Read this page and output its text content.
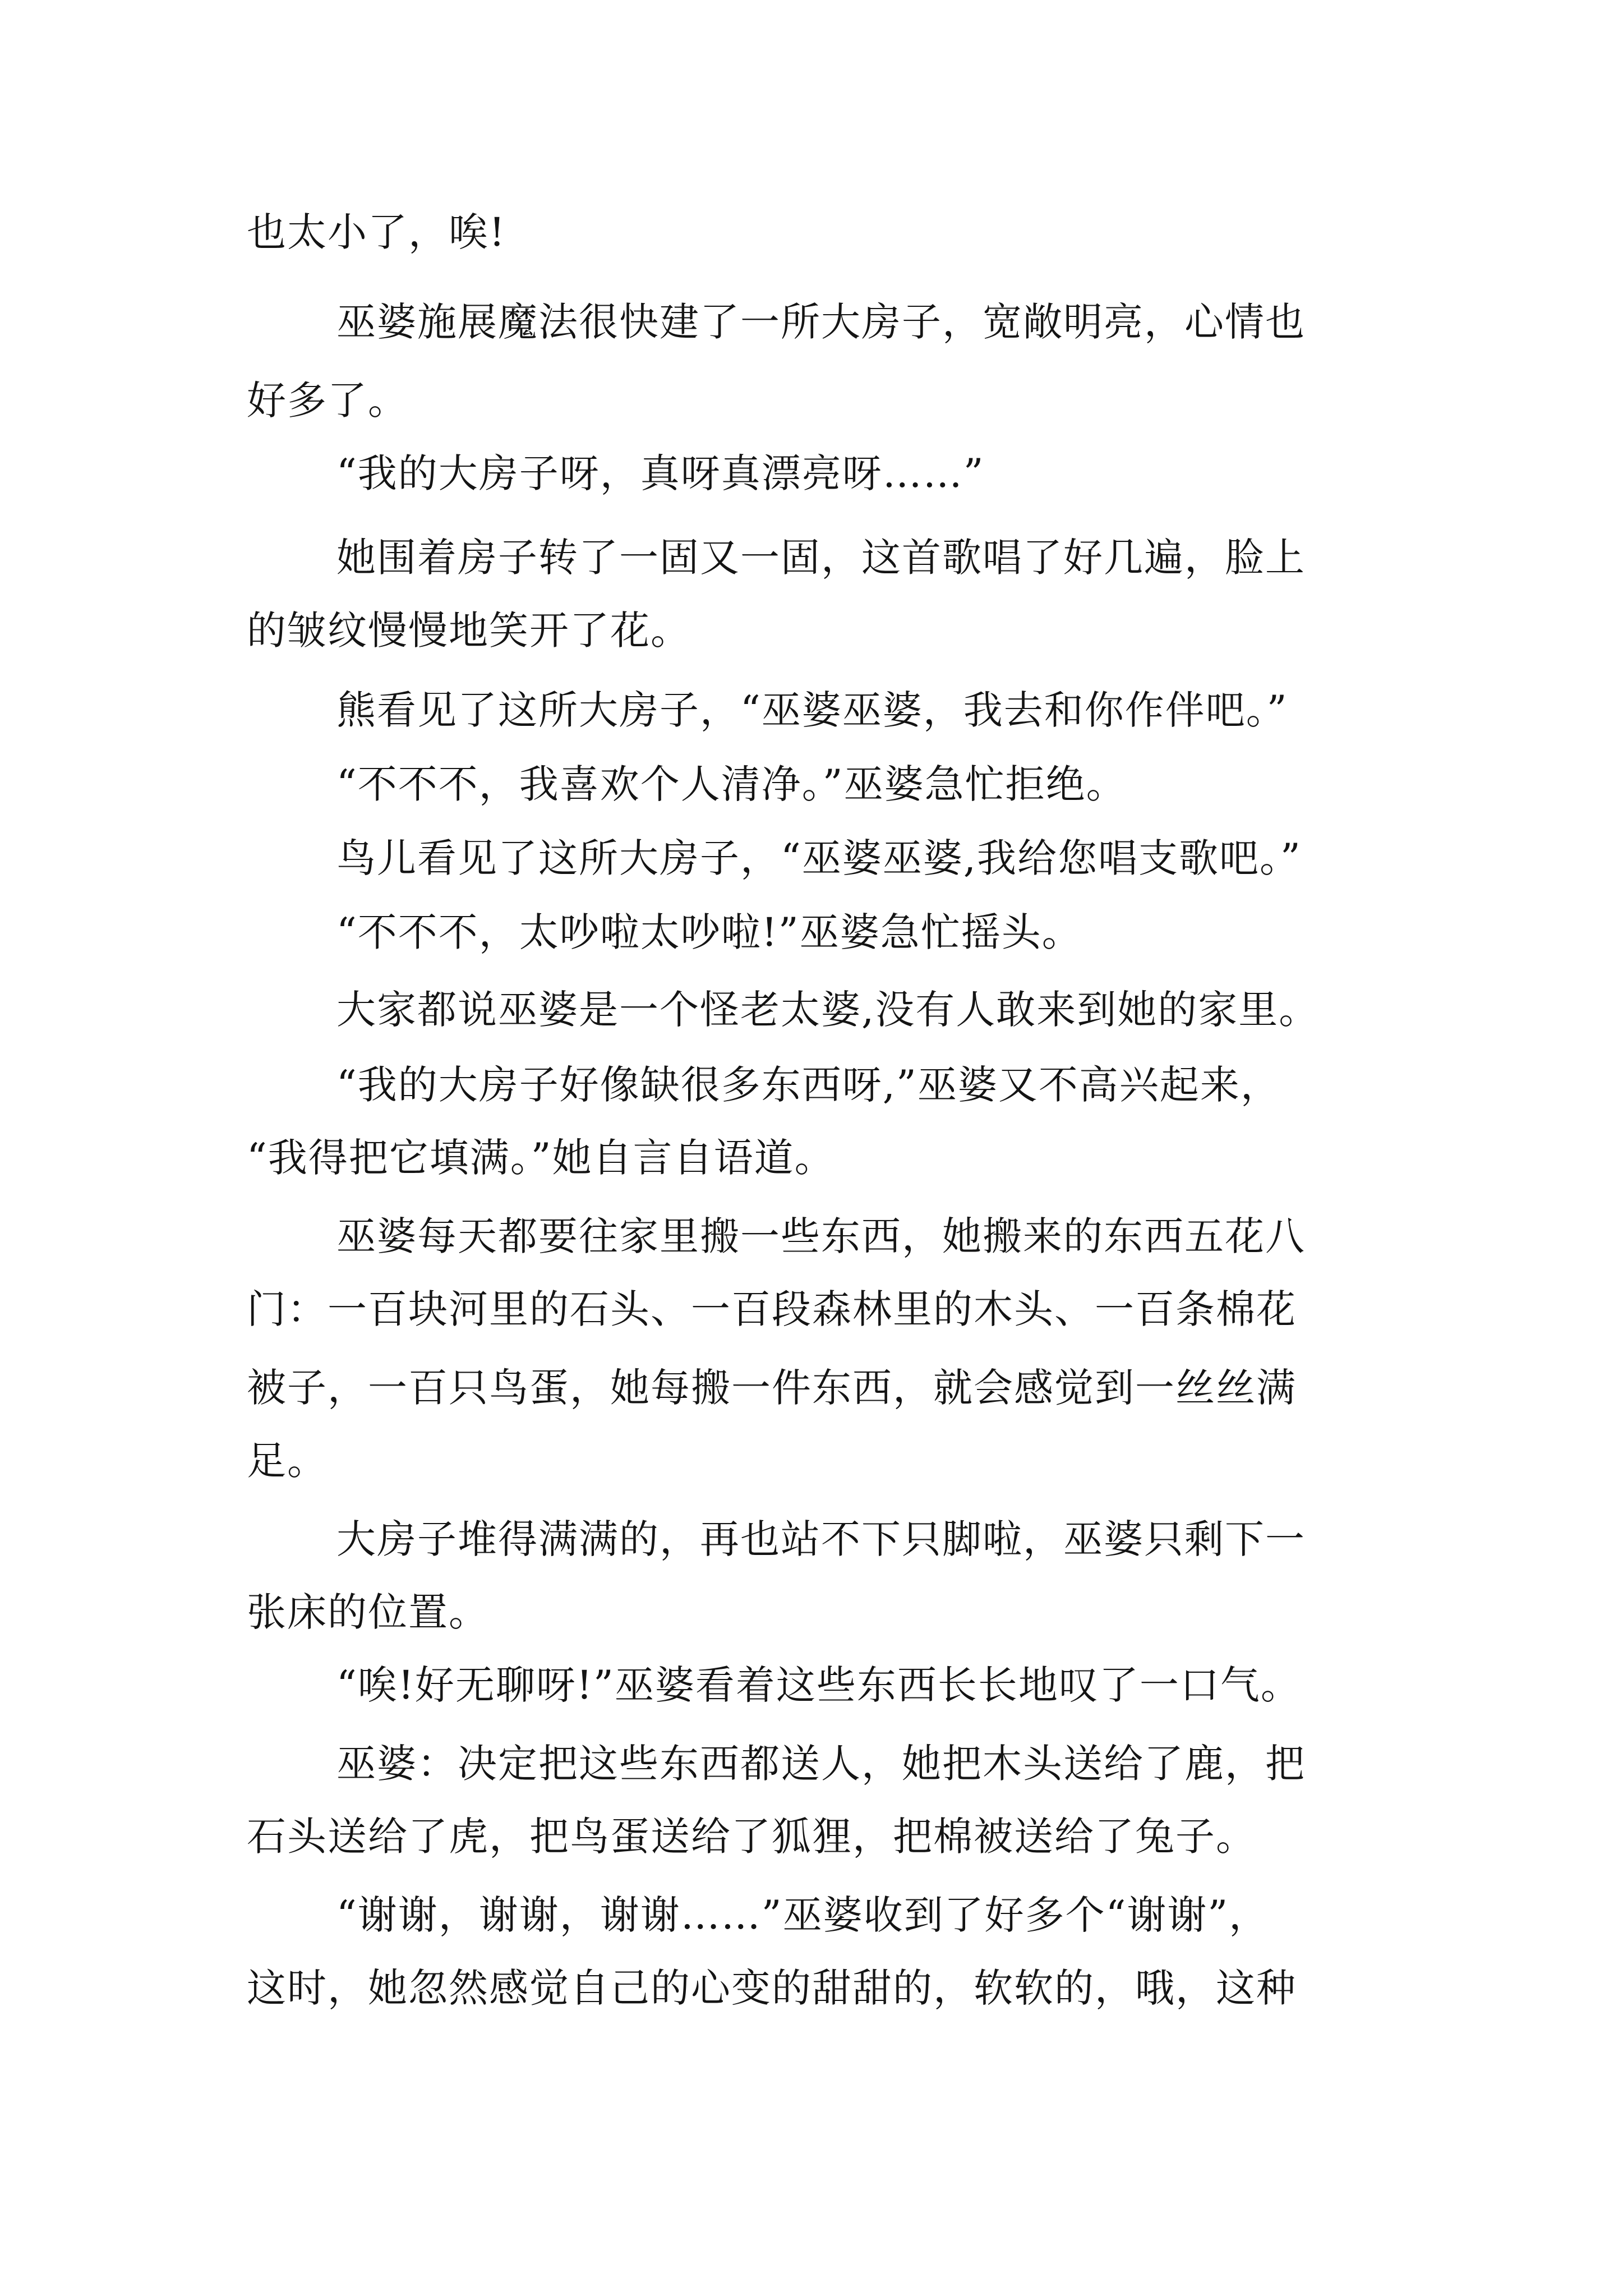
也太小了，唉!
巫婆施展魔法很快建了一所大房子，宽敞明亮，心情也
好多了。
“我的大房子呀，真呀真漂亮呀……”
她围着房子转了一固又一固，这首歌唱了好几遍，脸上
的皱纹慢慢地笑开了花。
熊看见了这所大房子，“巫婆巫婆，我去和你作伴吧。”
“不不不，我喜欢个人清净。”巫婆急忙拒绝。
鸟儿看见了这所大房子，“巫婆巫婆,我给您唱支歌吧。”
“不不不，太吵啦太吵啦!”巫婆急忙摇头。
大家都说巫婆是一个怪老太婆,没有人敢来到她的家里。
“我的大房子好像缺很多东西呀,”巫婆又不高兴起来，
“我得把它填满。”她自言自语道。
巫婆每天都要往家里搬一些东西，她搬来的东西五花八
门：一百块河里的石头、一百段森林里的木头、一百条棉花
被子，一百只鸟蛋，她每搬一件东西，就会感觉到一丝丝满
足。
大房子堆得满满的，再也站不下只脚啦，巫婆只剩下一
张床的位置。
“唉!好无聊呀!”巫婆看着这些东西长长地叹了一口气。
巫婆：决定把这些东西都送人，她把木头送给了鹿，把
石头送给了虎，把鸟蛋送给了狐狸，把棉被送给了兔子。
“谢谢，谢谢，谢谢……”巫婆收到了好多个“谢谢”，
这时，她忽然感觉自己的心变的甜甜的，软软的，哦，这种
